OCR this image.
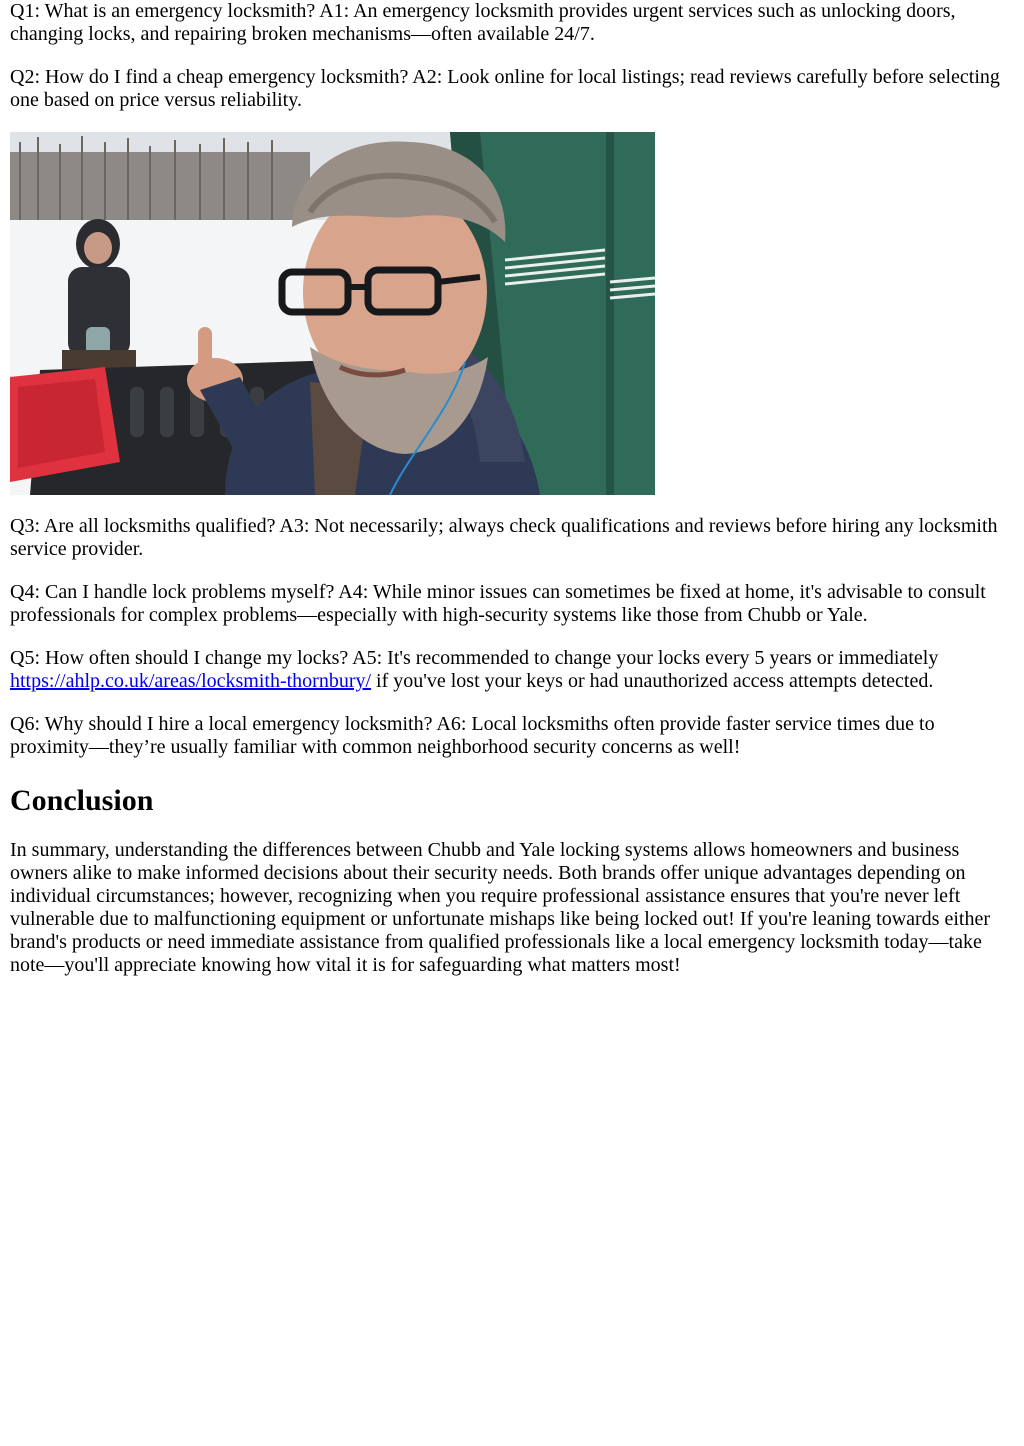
Q1: What is an emergency locksmith? A1: An emergency locksmith provides urgent services such as unlocking doors, changing locks, and repairing broken mechanisms—often available 24/7.

Q2: How do I find a cheap emergency locksmith? A2: Look online for local listings; read reviews carefully before selecting one based on price versus reliability.

Q3: Are all locksmiths qualified? A3: Not necessarily; always check qualifications and reviews before hiring any locksmith service provider.

Q4: Can I handle lock problems myself? A4: While minor issues can sometimes be fixed at home, it's advisable to consult professionals for complex problems—especially with high-security systems like those from Chubb or Yale.

Q5: How often should I change my locks? A5: It's recommended to change your locks every 5 years or immediately https://ahlp.co.uk/areas/locksmith-thornbury/ if you've lost your keys or had unauthorized access attempts detected.

Q6: Why should I hire a local emergency locksmith? A6: Local locksmiths often provide faster service times due to proximity—they’re usually familiar with common neighborhood security concerns as well!

Conclusion

In summary, understanding the differences between Chubb and Yale locking systems allows homeowners and business owners alike to make informed decisions about their security needs. Both brands offer unique advantages depending on individual circumstances; however, recognizing when you require professional assistance ensures that you're never left vulnerable due to malfunctioning equipment or unfortunate mishaps like being locked out! If you're leaning towards either brand's products or need immediate assistance from qualified professionals like a local emergency locksmith today—take note—you'll appreciate knowing how vital it is for safeguarding what matters most!
